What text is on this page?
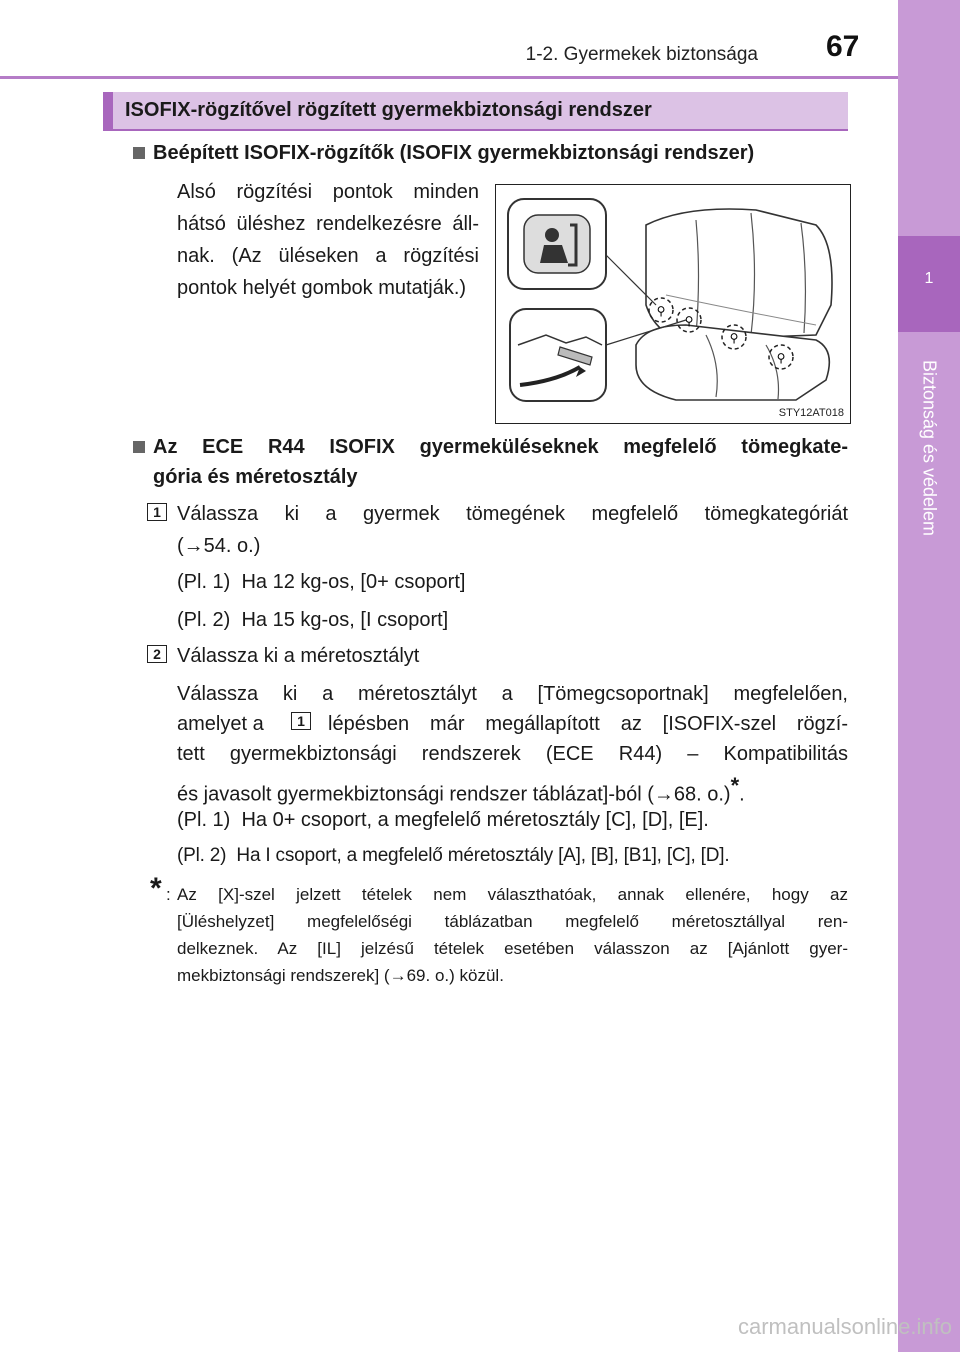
1-2. Gyermekek biztonsága 67
1
Biztonság és védelem
ISOFIX-rögzítővel rögzített gyermekbiztonsági rendszer
Beépített ISOFIX-rögzítők (ISOFIX gyermekbiztonsági rendszer)
Alsó rögzítési pontok minden
hátsó üléshez rendelkezésre áll-
nak. (Az üléseken a rögzítési
pontok helyét gombok mutatják.)
⚲
⚲
⚲
⚲
STY12AT018
Az ECE R44 ISOFIX gyermeküléseknek megfelelő tömegkate-
gória és méretosztály
1 Válassza ki a gyermek tömegének megfelelő tömegkategóriát
(→54. o.)
(Pl. 1)  Ha 12 kg-os, [0+ csoport]
(Pl. 2)  Ha 15 kg-os, [I csoport]
2 Válassza ki a méretosztályt
Válassza ki a méretosztályt a [Tömegcsoportnak] megfelelően,
amelyet a	1	lépésben már megállapított az [ISOFIX-szel rögzí-
tett gyermekbiztonsági rendszerek (ECE R44) – Kompatibilitás
és javasolt gyermekbiztonsági rendszer táblázat]-ból (→68. o.)*.
(Pl. 1)  Ha 0+ csoport, a megfelelő méretosztály [C], [D], [E].
(Pl. 2)  Ha I csoport, a megfelelő méretosztály [A], [B], [B1], [C], [D].
* : Az [X]-szel jelzett tételek nem választhatóak, annak ellenére, hogy az
[Üléshelyzet] megfelelőségi táblázatban megfelelő méretosztállyal ren-
delkeznek. Az [IL] jelzésű tételek esetében válasszon az [Ajánlott gyer-
mekbiztonsági rendszerek] (→69. o.) közül.
carmanualsonline.info
